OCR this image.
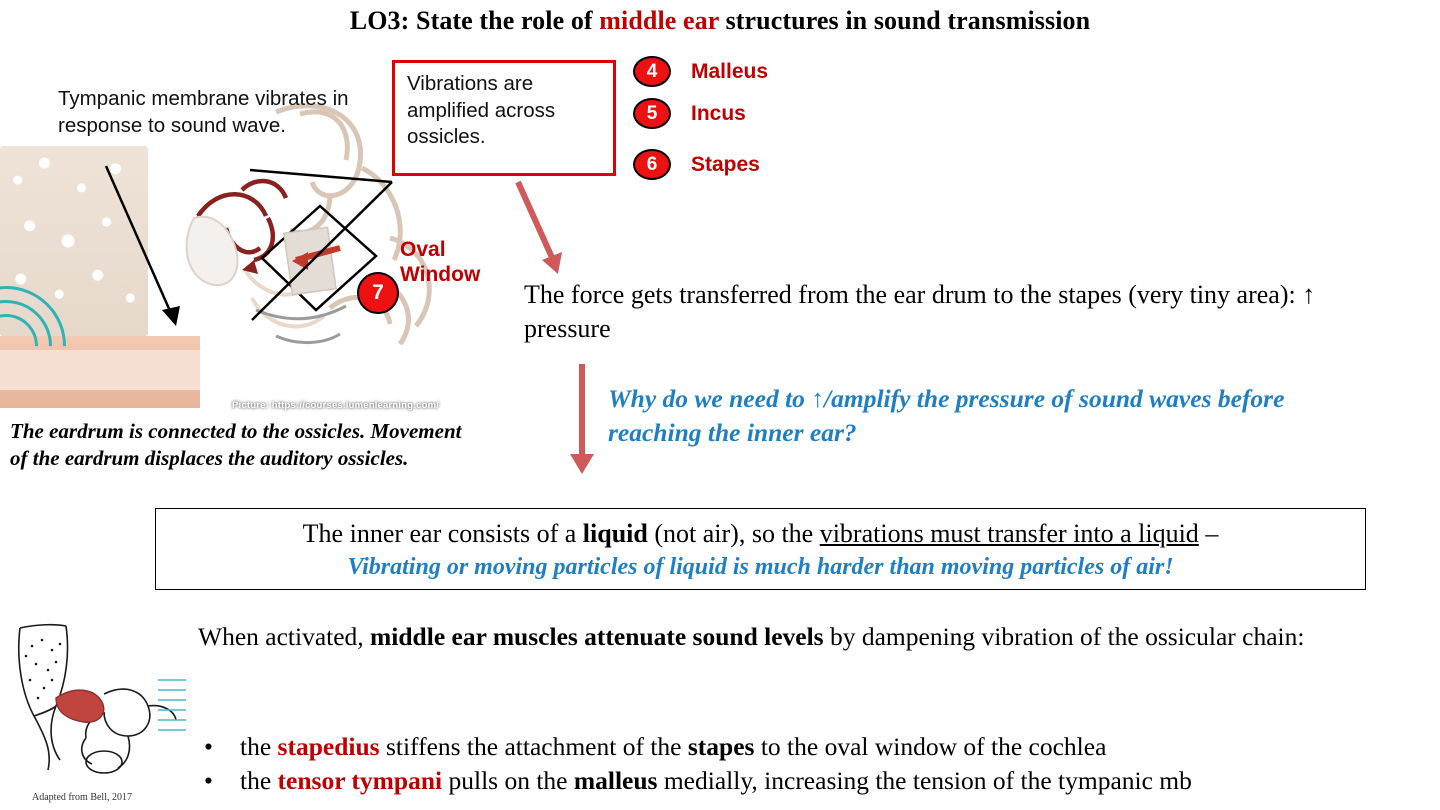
LO3: State the role of middle ear structures in sound transmission
Picture: https://courses.lumenlearning.com/
Tympanic membrane vibrates in response to sound wave.
Vibrations are amplified across ossicles.
4	Malleus
5	Incus
6	Stapes
Oval Window
7	The force gets transferred from the ear drum to the stapes (very tiny area): ↑ pressure
Why do we need to ↑/amplify the pressure of sound waves before reaching the inner ear?
The eardrum is connected to the ossicles. Movement of the eardrum displaces the auditory ossicles.
The inner ear consists of a liquid (not air), so the vibrations must transfer into a liquid –
Vibrating or moving particles of liquid is much harder than moving particles of air!
Adapted from Bell, 2017
When activated, middle ear muscles attenuate sound levels by dampening vibration of the ossicular chain:
• the stapedius stiffens the attachment of the stapes to the oval window of the cochlea
• the tensor tympani pulls on the malleus medially, increasing the tension of the tympanic mb
